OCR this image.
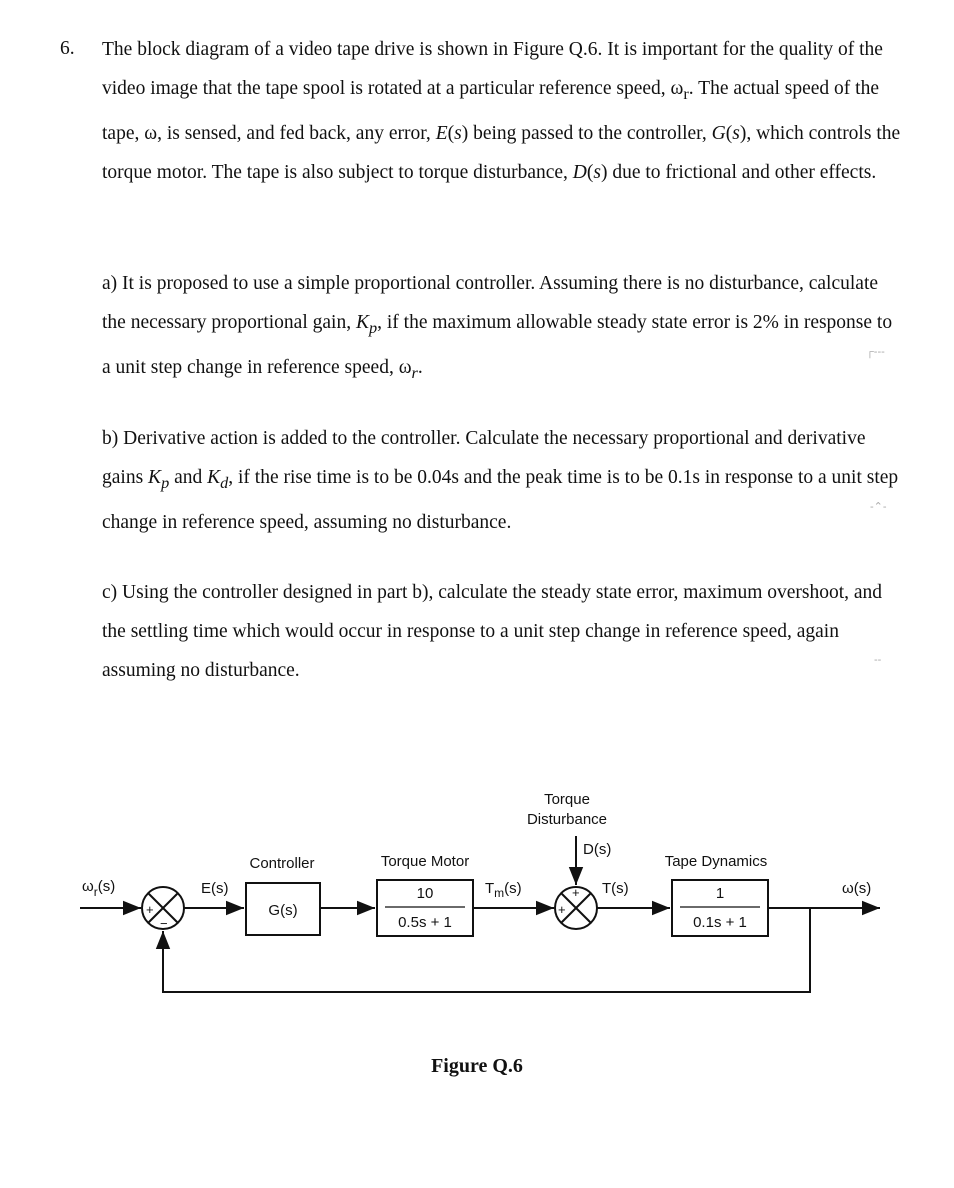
6. The block diagram of a video tape drive is shown in Figure Q.6. It is important for the quality of the video image that the tape spool is rotated at a particular reference speed, $\omega_r$. The actual speed of the tape, ω, is sensed, and fed back, any error, E(s) being passed to the controller, G(s), which controls the torque motor. The tape is also subject to torque disturbance, D(s) due to frictional and other effects.

a) It is proposed to use a simple proportional controller. Assuming there is no disturbance, calculate the necessary proportional gain, $K_p$, if the maximum allowable steady state error is 2% in response to a unit step change in reference speed, $\omega_r$.

b) Derivative action is added to the controller. Calculate the necessary proportional and derivative gains $K_p$ and $K_d$, if the rise time is to be 0.04s and the peak time is to be 0.1s in response to a unit step change in reference speed, assuming no disturbance.

c) Using the controller designed in part b), calculate the steady state error, maximum overshoot, and the settling time which would occur in response to a unit step change in reference speed, again assuming no disturbance.

┌‑‑‑
‑⌃‑
‑‑
$\omega_r(s)$
+
−
E(s)
Controller
G(s)
Torque Motor
10
0.5s + 1
$T_m(s)$
Torque
Disturbance
D(s)
+
+ T(s)
Tape Dynamics
1
0.1s + 1
ω(s)
Figure Q.6
